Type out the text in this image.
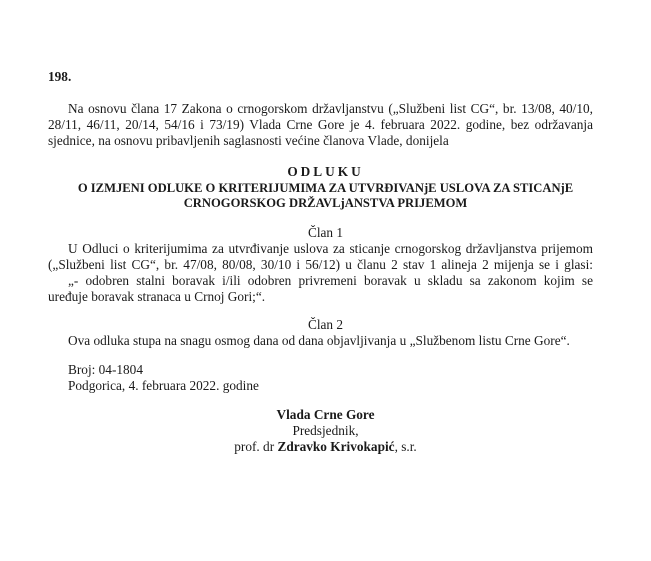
198.
Na osnovu člana 17 Zakona o crnogorskom državljanstvu („Službeni list CG“, br. 13/08, 40/10,
28/11, 46/11, 20/14, 54/16 i 73/19) Vlada Crne Gore je 4. februara 2022. godine, bez održavanja
sjednice, na osnovu pribavljenih saglasnosti većine članova Vlade, donijela
ODLUKU
O IZMJENI ODLUKE O KRITERIJUMIMA ZA UTVRĐIVANjE USLOVA ZA STICANjE
CRNOGORSKOG DRŽAVLjANSTVA PRIJEMOM
Član 1
U Odluci o kriterijumima za utvrđivanje uslova za sticanje crnogorskog državljanstva prijemom
(„Službeni list CG“, br. 47/08, 80/08, 30/10 i 56/12) u članu 2 stav 1 alineja 2 mijenja se i glasi:
„- odobren stalni boravak i/ili odobren privremeni boravak u skladu sa zakonom kojim se
uređuje boravak stranaca u Crnoj Gori;“.
Član 2
Ova odluka stupa na snagu osmog dana od dana objavljivanja u „Službenom listu Crne Gore“.
Broj: 04-1804
Podgorica, 4. februara 2022. godine
Vlada Crne Gore
Predsjednik,
prof. dr Zdravko Krivokapić, s.r.
